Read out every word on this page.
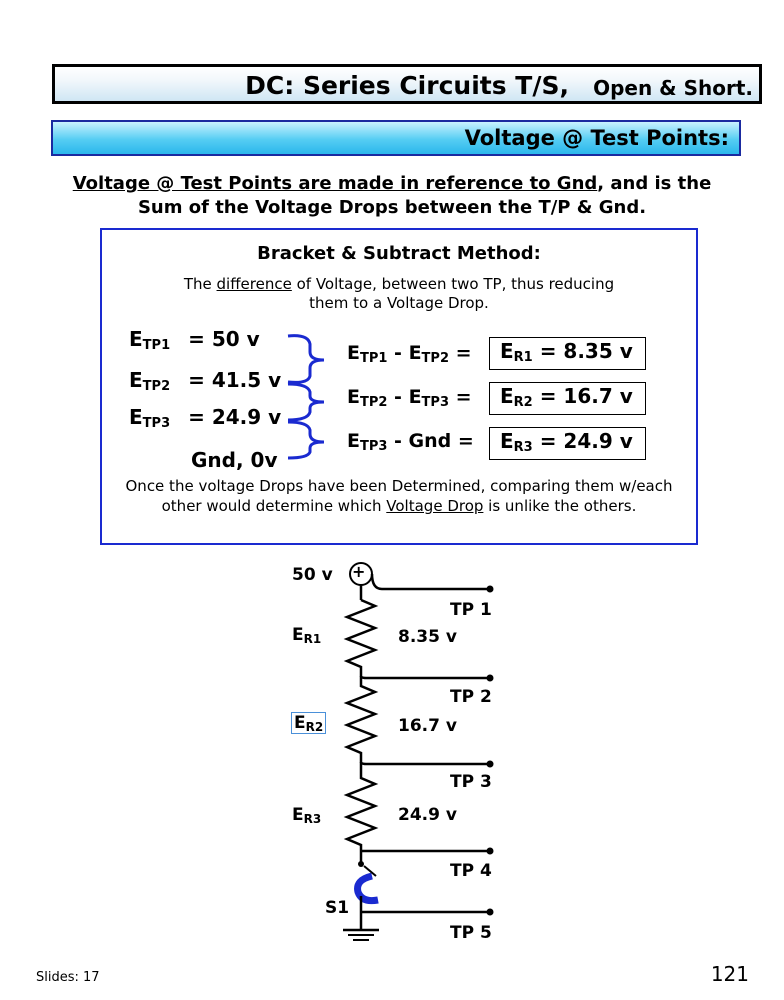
DC: Series Circuits T/S, Open & Short.
Voltage @ Test Points:
Voltage @ Test Points are made in reference to Gnd, and is the
Sum of the Voltage Drops between the T/P & Gnd.
Bracket & Subtract Method:
The difference of Voltage, between two TP, thus reducing them to a Voltage Drop.
$E_{TP1} = 50$ v
$E_{TP2} = 41.5$ v
$E_{TP3} = 24.9$ v
Gnd, 0v
$E_{TP1} - E_{TP2}$ =
$E_{TP2} - E_{TP3}$ =
$E_{TP3}$ - Gnd =
$E_{R1} = 8.35$ v
$E_{R2} = 16.7$ v
$E_{R3} = 24.9$ v
Once the voltage Drops have been Determined, comparing them w/each other would determine which Voltage Drop is unlike the others.
50 v +
TP 1
TP 2
TP 3
TP 4
TP 5
$E_{R1}$
$E_{R2}$
$E_{R3}$
8.35 v
16.7 v
24.9 v
S1
Slides: 17	121
